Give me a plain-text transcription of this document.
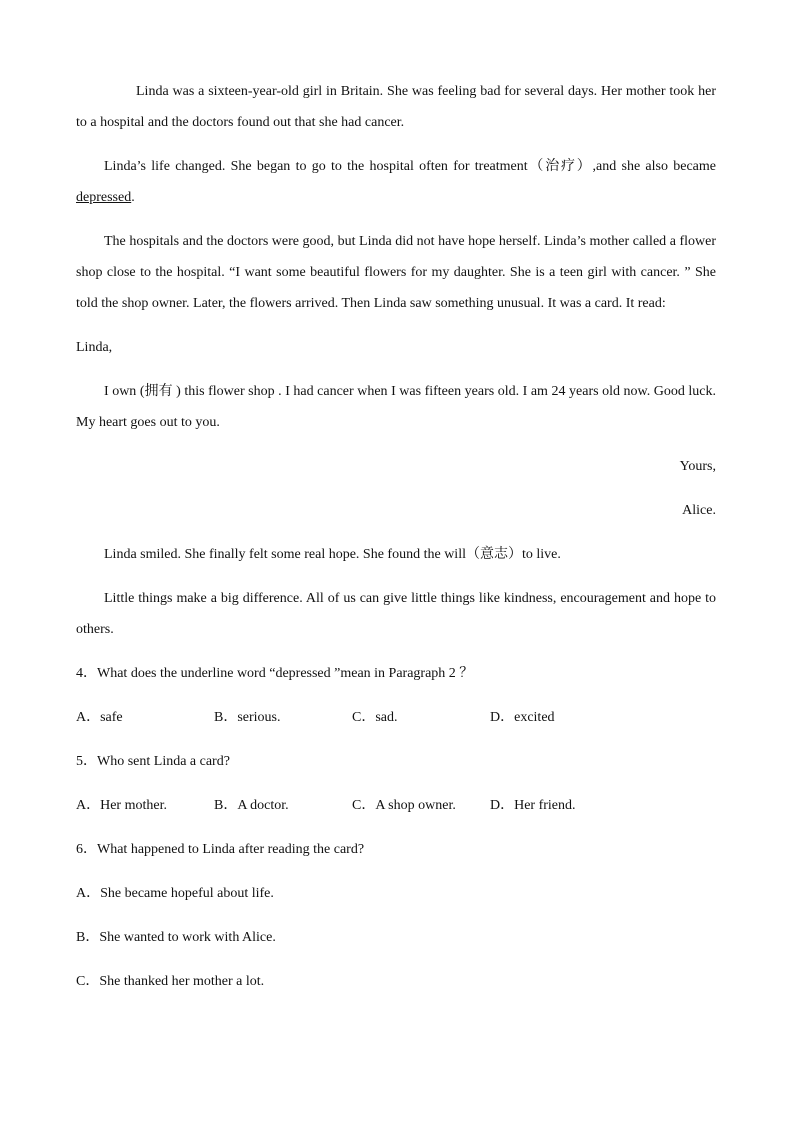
Linda was a sixteen-year-old girl in Britain. She was feeling bad for several days. Her mother took her to a hospital and the doctors found out that she had cancer.

Linda’s life changed. She began to go to the hospital often for treatment（治疗）,and she also became depressed.

The hospitals and the doctors were good, but Linda did not have hope herself. Linda’s mother called a flower shop close to the hospital. “I want some beautiful flowers for my daughter. She is a teen girl with cancer. ” She told the shop owner. Later, the flowers arrived. Then Linda saw something unusual. It was a card. It read:

Linda,

I own (拥有 ) this flower shop . I had cancer when I was fifteen years old. I am 24 years old now. Good luck. My heart goes out to you.

Yours,

Alice.

Linda smiled. She finally felt some real hope. She found the will（意志）to live.

Little things make a big difference. All of us can give little things like kindness, encouragement and hope to others.

4．What does the underline word “depressed ”mean in Paragraph 2 ？

A．safe	B．serious.	C．sad.	D．excited

5．Who sent Linda a card?

A．Her mother.	B．A doctor.	C．A shop owner.	D．Her friend.

6．What happened to Linda after reading the card?

A．She became hopeful about life.

B．She wanted to work with Alice.

C．She thanked her mother a lot.
